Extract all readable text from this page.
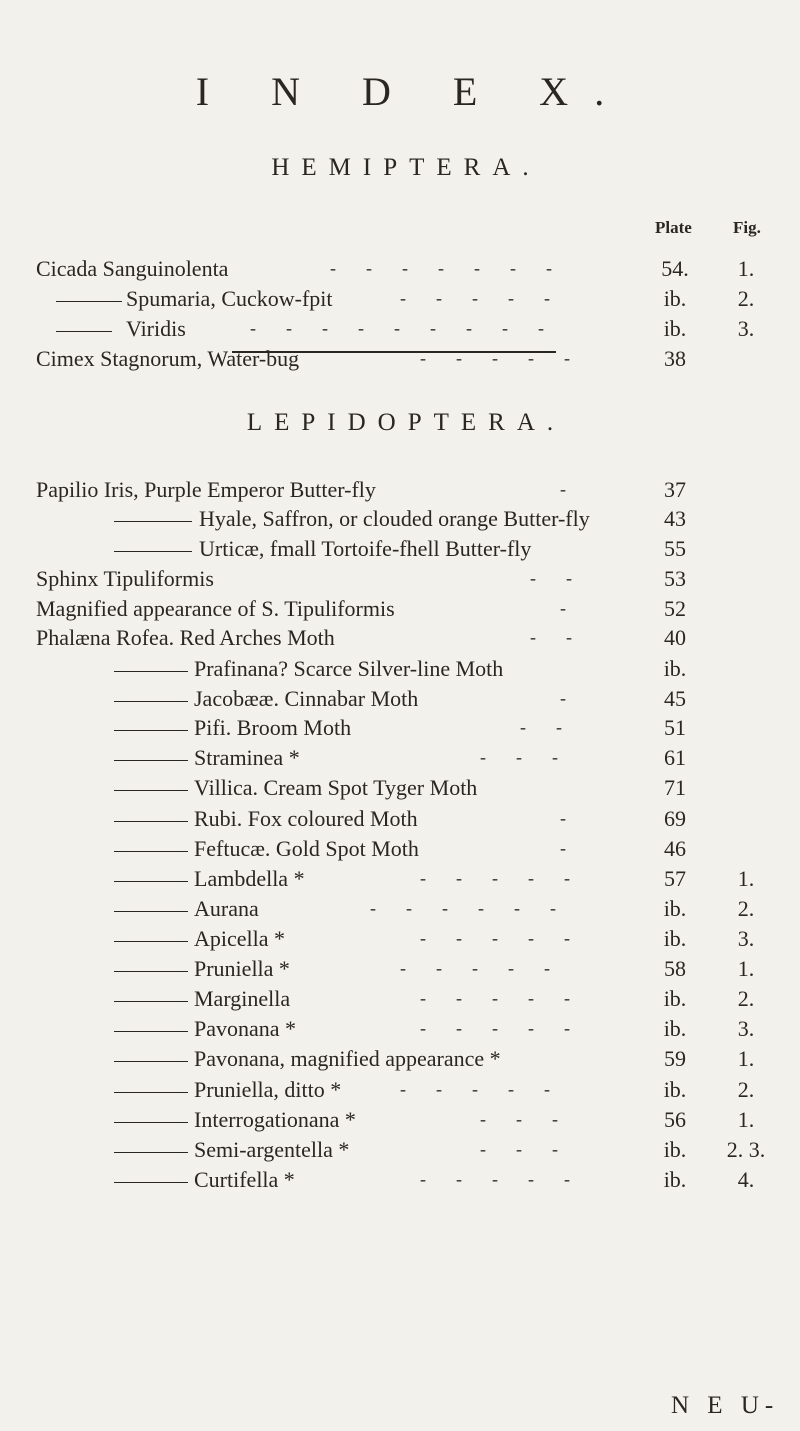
I N D E X.
HEMIPTERA.
Plate Fig.
LEPIDOPTERA.
Cicada Sanguinolenta	-------	54.	1.
Spumaria, Cuckow-fpit	-----	ib.	2.
Viridis	---------	ib.	3.
Cimex Stagnorum, Water-bug	-----	38
Papilio Iris, Purple Emperor Butter-fly	-	37
Hyale, Saffron, or clouded orange Butter-fly	43
Urticæ, fmall Tortoife-fhell Butter-fly	55
Sphinx Tipuliformis	--	53
Magnified appearance of S. Tipuliformis	-	52
Phalæna Rofea. Red Arches Moth	--	40
Prafinana? Scarce Silver-line Moth	ib.
Jacobææ. Cinnabar Moth	-	45
Pifi. Broom Moth	--	51
Straminea *	---	61
Villica. Cream Spot Tyger Moth	71
Rubi. Fox coloured Moth	-	69
Feftucæ. Gold Spot Moth	-	46
Lambdella *	-----	57	1.
Aurana	------	ib.	2.
Apicella *	-----	ib.	3.
Pruniella *	-----	58	1.
Marginella	-----	ib.	2.
Pavonana *	-----	ib.	3.
Pavonana, magnified appearance *	59	1.
Pruniella, ditto *	-----	ib.	2.
Interrogationana *	---	56	1.
Semi-argentella *	---	ib.	2. 3.
Curtifella *	-----	ib.	4.
N E U-
